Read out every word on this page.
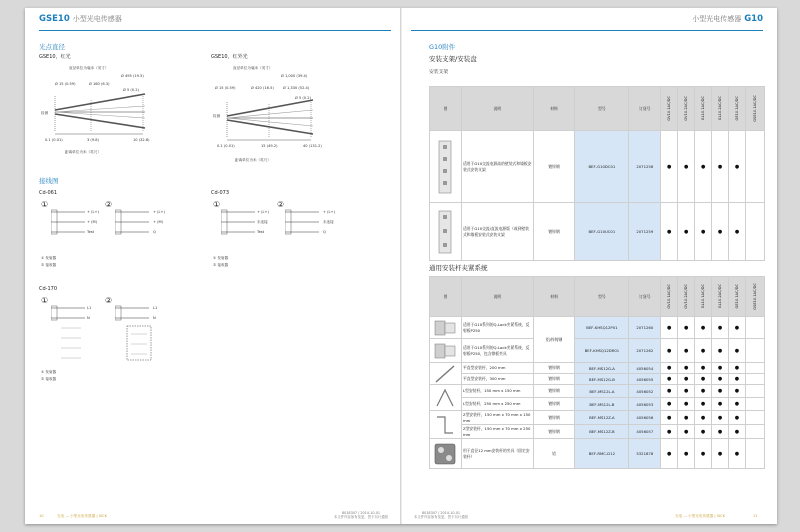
GSE10 小型光电传感器
光点直径
GSE10，红光
直径单位为毫米（英寸）
Ø 15 (0.59)	Ø 160 (6.3)
Ø 495 (19.5)
Ø 5 (0.2)
检测
0.1 (0.01)	3 (9.8)	10 (32.8)
距离单位为米（英尺）
GSE10，红外光
直径单位为毫米（英寸）
Ø 1,000 (39.4)
Ø 15 (0.59)	Ø 420 (16.5)	Ø 1,330 (52.4)
Ø 5 (0.2)
检测
0.1 (0.01)	15 (49.2)	40 (131.2)
距离单位为米（英尺）
接线图
Cd-061
①	②
+ (L+)
+ (M)
Test
+ (L+)
+ (M)
Q
① 发射器
② 接收器
Cd-073
①	②
+ (L+)
未连接
Test
+ (L+)
未连接
Q
① 发射器
② 接收器
Cd-170
①	②
L1
N
L1
N
① 发射器
② 接收器
10	光电 — 小型光电传感器 | SICK
8018307 / 2014-10-01
本文件内容如有变更，恕不另行通知
小型光电传感器 G10
G10附件
安装支架/安装盘
安装支架
图	说明	材料	型号	订货号	GV10.1AC/DC	GV10.2AC/DC	GL10.1AC/DC	GL10.2AC/DC	GE10.1AC/DC	GSE10.1AC/DC

	适用于G10交流电源高的壁装式和墙板安装式安装支架	镀锌钢	BEF-G10DC01	2071256	●	●	●	●	●	

	适用于G10交流/直流电源版（或到壁装式和墙板安装式安装支架	镀锌钢	BEF-G10UC01	2071259	●	●	●	●	●	
通用安装杆夹紧系统
图	说明	材料	型号	订货号	GV10.1AC/DC	GV10.2AC/DC	GL10.1AC/DC	GL10.2AC/DC	GE10.1AC/DC	GSE10.1AC/DC

	适用于G10系列的Q-Lock夹紧系统，反射板P250	铝/锌铸钢	BEF-KHSQ12P01	2071260	●	●	●	●	●	

	适用于G10系列的Q-Lock夹紧系统，反射板P250，包含撑板夹具		BEF-KHSQ12DR01	2071262	●	●	●	●	●	

	平直型安装杆，200 mm	镀锌钢	BEF-MS12G-A	4056054	●	●	●	●	●	
	平直型安装杆，300 mm	镀锌钢	BEF-MS12G-B	4056055	●	●	●	●	●	

	L型安装杆，150 mm x 150 mm	镀锌钢	BEF-MS12L-A	4056052	●	●	●	●	●	
	L型安装杆，250 mm x 250 mm	镀锌钢	BEF-MS12L-B	4056053	●	●	●	●	●	

	Z型安装杆，150 mm x 70 mm x 150 mm	镀锌钢	BEF-MS12Z-A	4056056	●	●	●	●	●	
	Z型安装杆，150 mm x 70 mm x 250 mm	镀锌钢	BEF-MS12Z-B	4056057	●	●	●	●	●	

	用于直径12 mm安装杆的夹具（固定安装杆）	铝	BEF-RMC-D12	5321878	●	●	●	●	●	
8018307 / 2014-10-01
本文件内容如有变更，恕不另行通知	光电 — 小型光电传感器 | SICK	11
